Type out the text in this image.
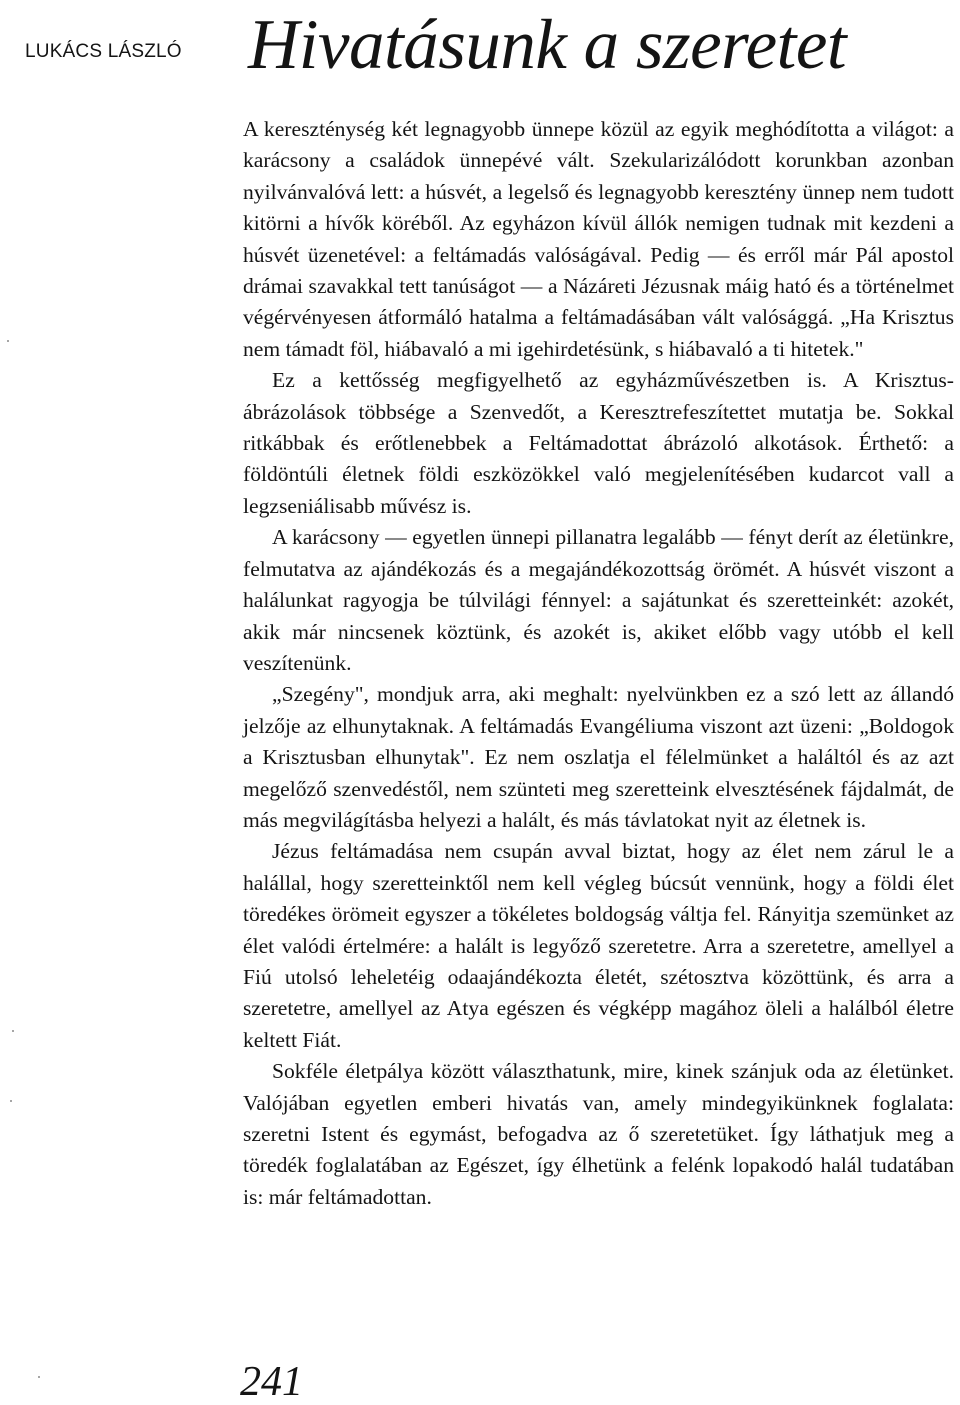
LUKÁCS LÁSZLÓ Hivatásunk a szeretet

A kereszténység két legnagyobb ünnepe közül az egyik meghódította a világot: a karácsony a családok ünnepévé vált. Szekularizálódott korunkban azonban nyilvánvalóvá lett: a húsvét, a legelső és legnagyobb keresztény ünnep nem tudott kitörni a hívők köréből. Az egyházon kívül állók nemigen tudnak mit kezdeni a húsvét üzenetével: a feltámadás valóságával. Pedig — és erről már Pál apostol drámai szavakkal tett tanúságot — a Názáreti Jézusnak máig ható és a történelmet végérvényesen átformáló hatalma a feltámadásában vált valósággá. „Ha Krisztus nem támadt föl, hiábavaló a mi igehirdetésünk, s hiábavaló a ti hitetek."

Ez a kettősség megfigyelhető az egyházművészetben is. A Krisztus-ábrázolások többsége a Szenvedőt, a Keresztrefeszítettet mutatja be. Sokkal ritkábbak és erőtlenebbek a Feltámadottat ábrázoló alkotások. Érthető: a földöntúli életnek földi eszközökkel való megjelenítésében kudarcot vall a legzseniálisabb művész is.

A karácsony — egyetlen ünnepi pillanatra legalább — fényt derít az életünkre, felmutatva az ajándékozás és a megajándékozottság örömét. A húsvét viszont a halálunkat ragyogja be túlvilági fénnyel: a sajátunkat és szeretteinkét: azokét, akik már nincsenek köztünk, és azokét is, akiket előbb vagy utóbb el kell veszítenünk.

„Szegény", mondjuk arra, aki meghalt: nyelvünkben ez a szó lett az állandó jelzője az elhunytaknak. A feltámadás Evangéliuma viszont azt üzeni: „Boldogok a Krisztusban elhunytak". Ez nem oszlatja el félelmünket a haláltól és az azt megelőző szenvedéstől, nem szünteti meg szeretteink elvesztésének fájdalmát, de más megvilágításba helyezi a halált, és más távlatokat nyit az életnek is.

Jézus feltámadása nem csupán avval biztat, hogy az élet nem zárul le a halállal, hogy szeretteinktől nem kell végleg búcsút vennünk, hogy a földi élet töredékes örömeit egyszer a tökéletes boldogság váltja fel. Rányitja szemünket az élet valódi értelmére: a halált is legyőző szeretetre. Arra a szeretetre, amellyel a Fiú utolsó leheletéig odaajándékozta életét, szétosztva közöttünk, és arra a szeretetre, amellyel az Atya egészen és végképp magához öleli a halálból életre keltett Fiát.

Sokféle életpálya között választhatunk, mire, kinek szánjuk oda az életünket. Valójában egyetlen emberi hivatás van, amely mindegyikünknek foglalata: szeretni Istent és egymást, befogadva az ő szeretetüket. Így láthatjuk meg a töredék foglalatában az Egészet, így élhetünk a felénk lopakodó halál tudatában is: már feltámadottan.

241
